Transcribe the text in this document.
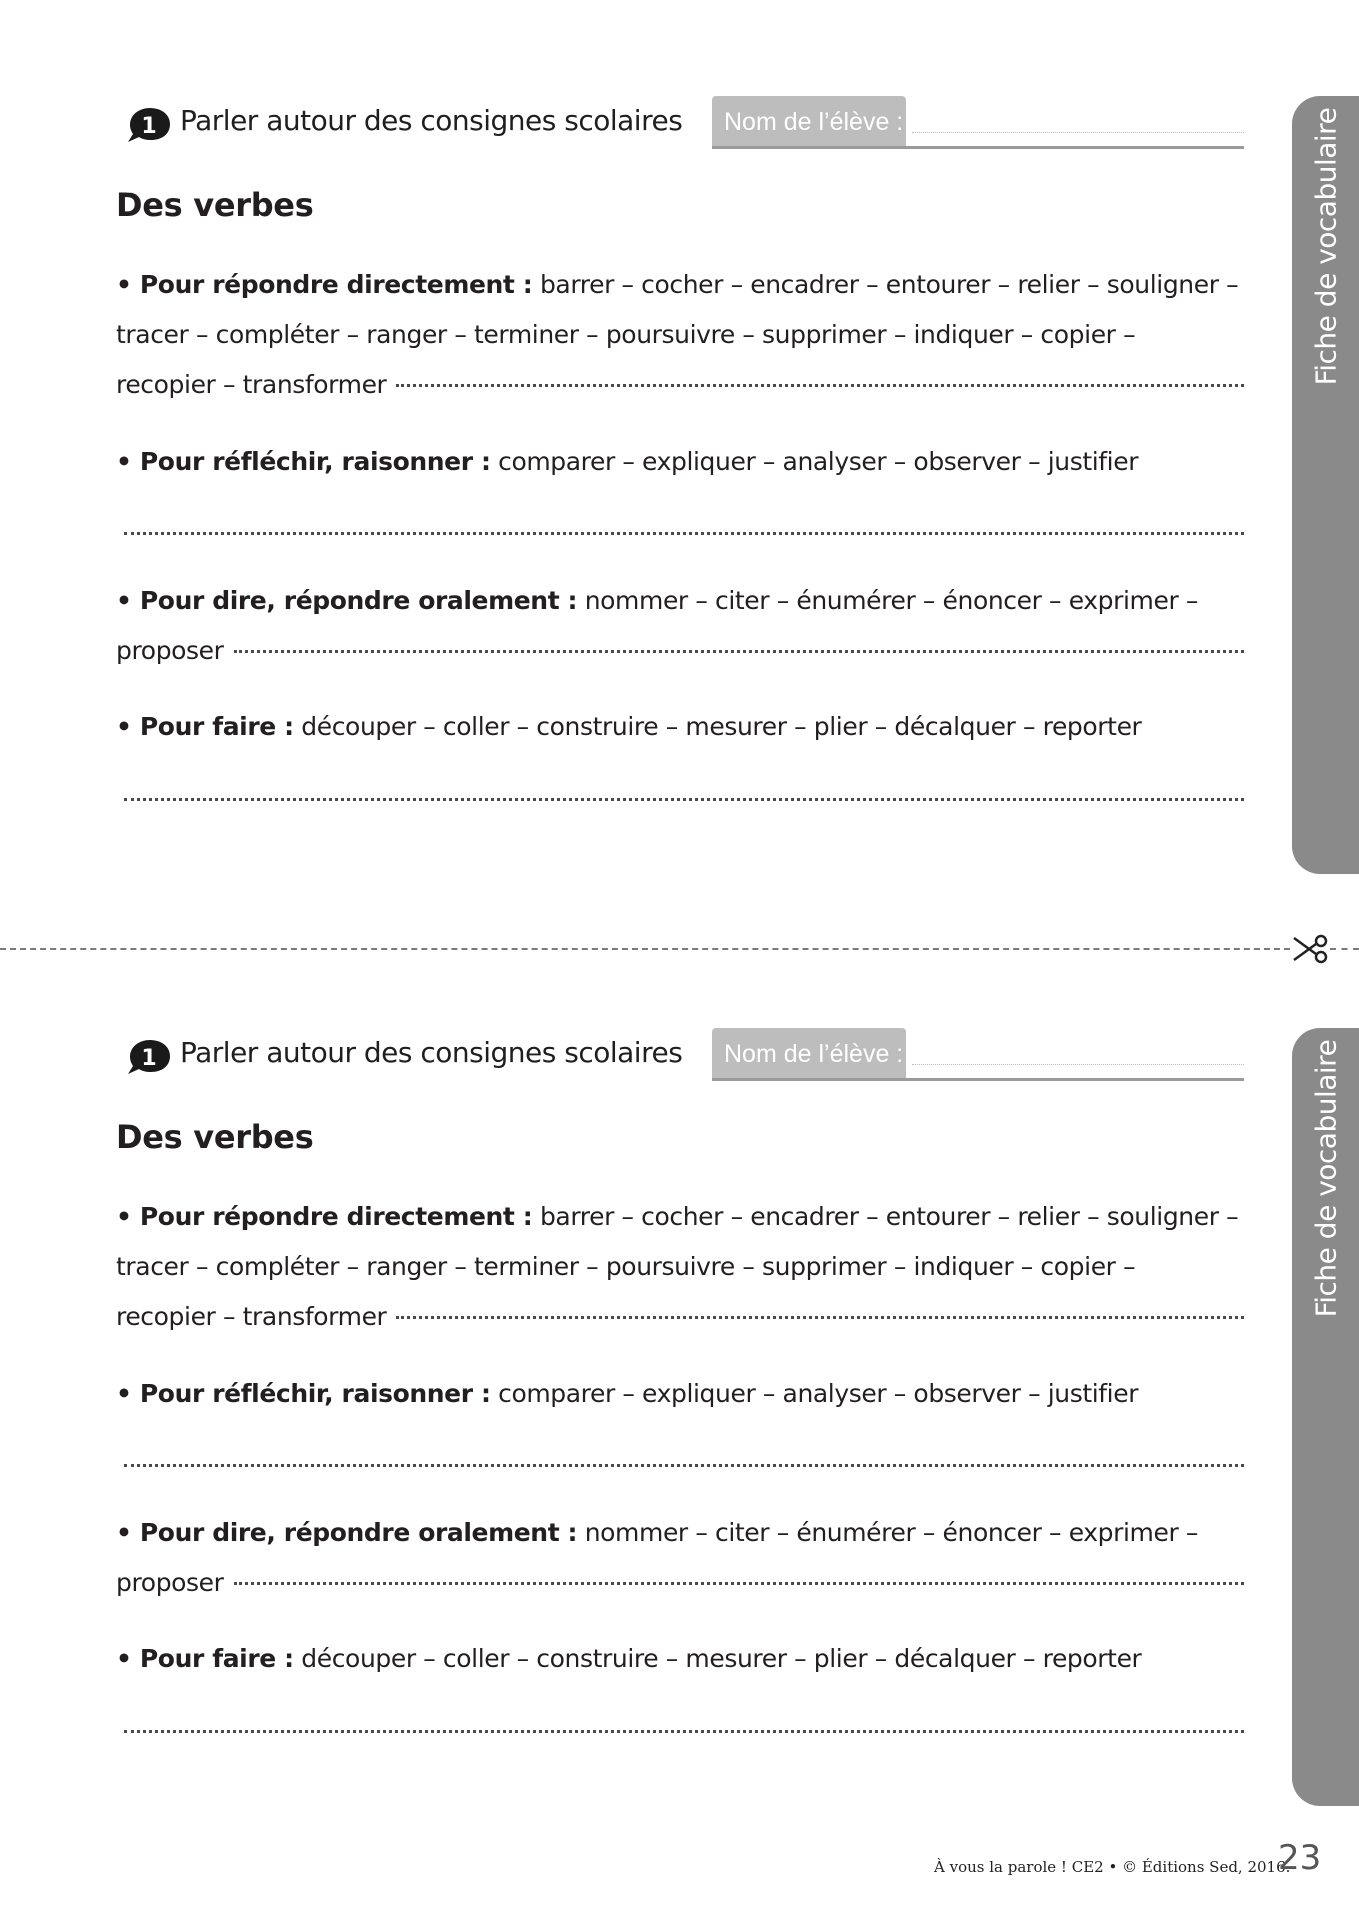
1 Parler autour des consignes scolaires	Nom de l’élève :
Des verbes
• Pour répondre directement : barrer – cocher – encadrer – entourer – relier – souligner – tracer – compléter – ranger – terminer – poursuivre – supprimer – indiquer – copier –
recopier – transformer
• Pour réfléchir, raisonner : comparer – expliquer – analyser – observer – justifier
• Pour dire, répondre oralement : nommer – citer – énumérer – énoncer – exprimer –
proposer
• Pour faire : découper – coller – construire – mesurer – plier – décalquer – reporter
Fiche de vocabulaire
1 Parler autour des consignes scolaires	Nom de l’élève :
Des verbes
• Pour répondre directement : barrer – cocher – encadrer – entourer – relier – souligner – tracer – compléter – ranger – terminer – poursuivre – supprimer – indiquer – copier –
recopier – transformer
• Pour réfléchir, raisonner : comparer – expliquer – analyser – observer – justifier
• Pour dire, répondre oralement : nommer – citer – énumérer – énoncer – exprimer –
proposer
• Pour faire : découper – coller – construire – mesurer – plier – décalquer – reporter
Fiche de vocabulaire
À vous la parole ! CE2 • © Éditions Sed, 2016.
23
